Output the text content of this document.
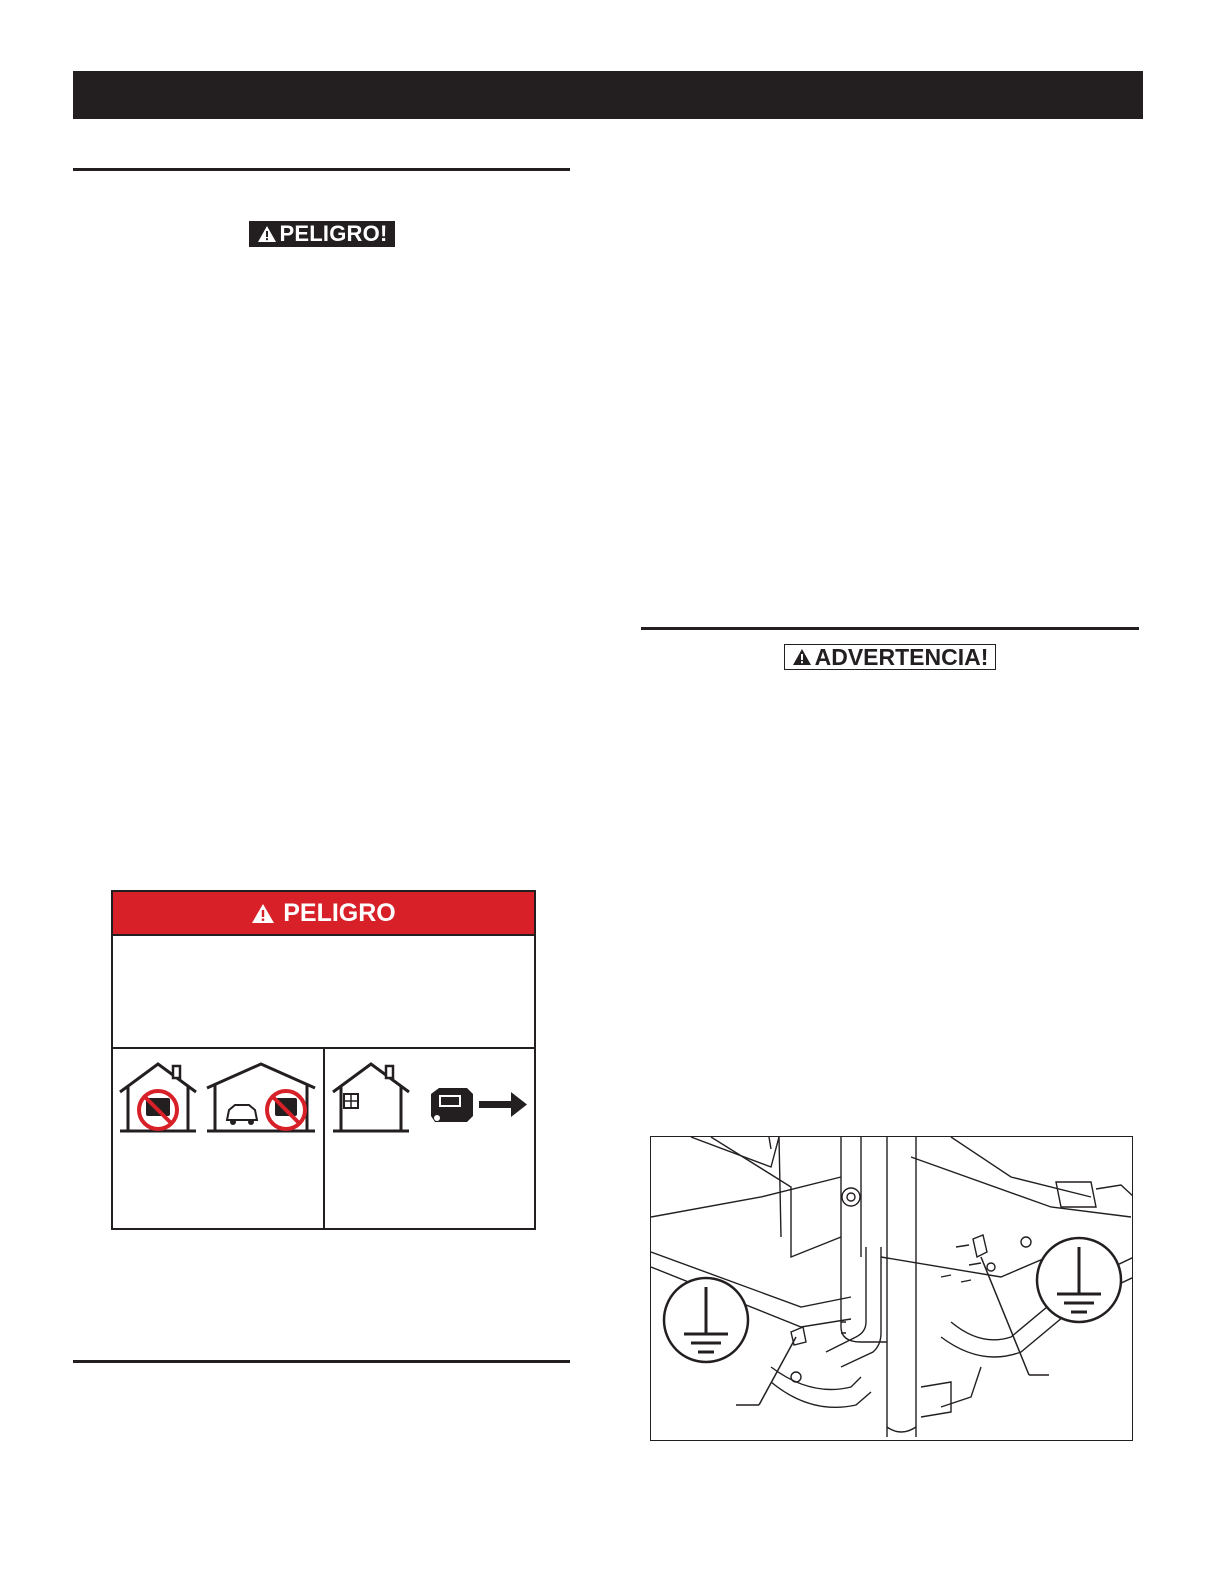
PELIGRO!
ADVERTENCIA!
PELIGRO
